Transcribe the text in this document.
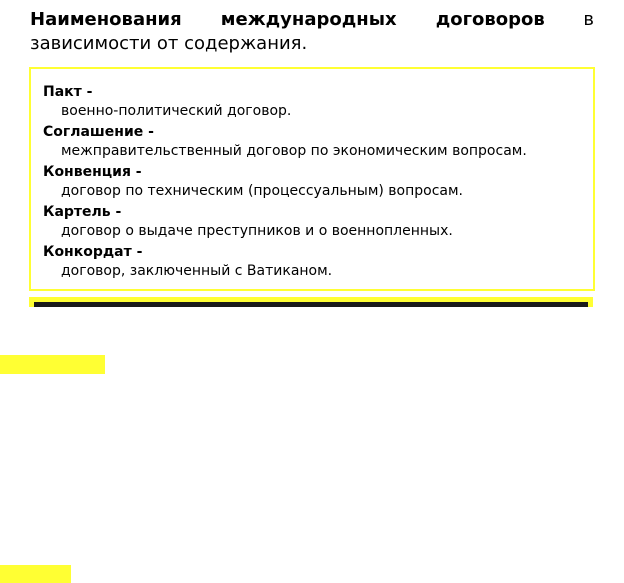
Наименования международных договоров в зависимости от содержания.

Пакт -

военно-политический договор.

Соглашение -

межправительственный договор по экономическим вопросам.

Конвенция -

договор по техническим (процессуальным) вопросам.

Картель -

договор о выдаче преступников и о военнопленных.

Конкордат -

договор, заключенный с Ватиканом.
